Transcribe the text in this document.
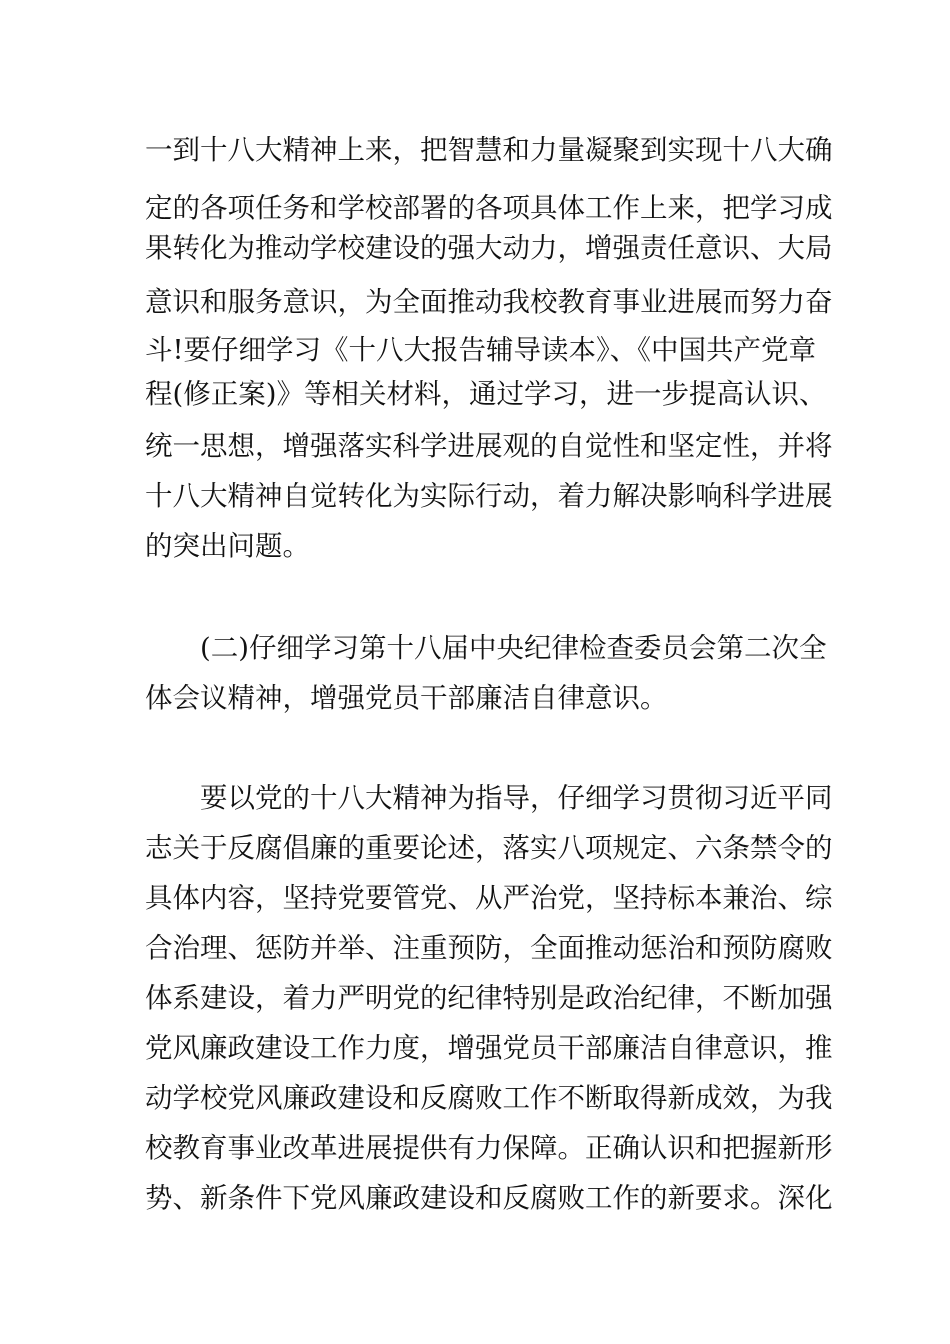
一到十八大精神上来，把智慧和力量凝聚到实现十八大确
定的各项任务和学校部署的各项具体工作上来，把学习成
果转化为推动学校建设的强大动力，增强责任意识、大局
意识和服务意识，为全面推动我校教育事业进展而努力奋
斗!要仔细学习《十八大报告辅导读本》、《中国共产党章
程(修正案)》等相关材料，通过学习，进一步提高认识、
统一思想，增强落实科学进展观的自觉性和坚定性，并将
十八大精神自觉转化为实际行动，着力解决影响科学进展
的突出问题。
(二)仔细学习第十八届中央纪律检查委员会第二次全
体会议精神，增强党员干部廉洁自律意识。
要以党的十八大精神为指导，仔细学习贯彻习近平同
志关于反腐倡廉的重要论述，落实八项规定、六条禁令的
具体内容，坚持党要管党、从严治党，坚持标本兼治、综
合治理、惩防并举、注重预防，全面推动惩治和预防腐败
体系建设，着力严明党的纪律特别是政治纪律，不断加强
党风廉政建设工作力度，增强党员干部廉洁自律意识，推
动学校党风廉政建设和反腐败工作不断取得新成效，为我
校教育事业改革进展提供有力保障。正确认识和把握新形
势、新条件下党风廉政建设和反腐败工作的新要求。深化
